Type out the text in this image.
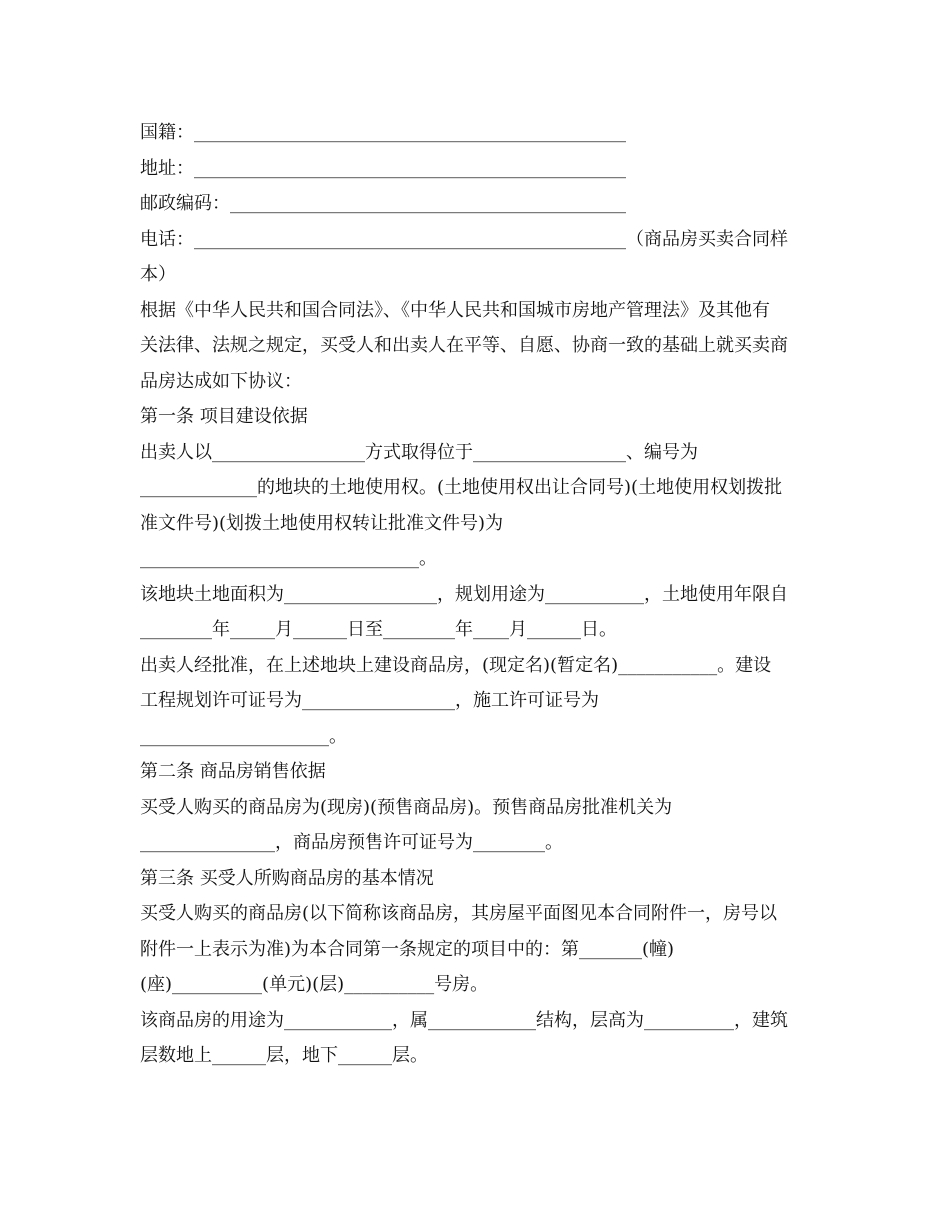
国籍：________________________________________________
地址：________________________________________________
邮政编码：____________________________________________
电话：________________________________________________（商品房买卖合同样
本）
根据《中华人民共和国合同法》、《中华人民共和国城市房地产管理法》及其他有
关法律、法规之规定，买受人和出卖人在平等、自愿、协商一致的基础上就买卖商
品房达成如下协议：
第一条 项目建设依据
出卖人以_________________方式取得位于_________________、编号为
_____________的地块的土地使用权。(土地使用权出让合同号)(土地使用权划拨批
准文件号)(划拨土地使用权转让批准文件号)为
_______________________________。
该地块土地面积为_________________，规划用途为___________，土地使用年限自
________年_____月______日至________年____月______日。
出卖人经批准，在上述地块上建设商品房，(现定名)(暂定名)___________。建设
工程规划许可证号为_________________，施工许可证号为
_____________________。
第二条 商品房销售依据
买受人购买的商品房为(现房)(预售商品房)。预售商品房批准机关为
_______________，商品房预售许可证号为________。
第三条 买受人所购商品房的基本情况
买受人购买的商品房(以下简称该商品房，其房屋平面图见本合同附件一，房号以
附件一上表示为准)为本合同第一条规定的项目中的：第_______(幢)
(座)__________(单元)(层)__________号房。
该商品房的用途为____________，属____________结构，层高为__________，建筑
层数地上______层，地下______层。
